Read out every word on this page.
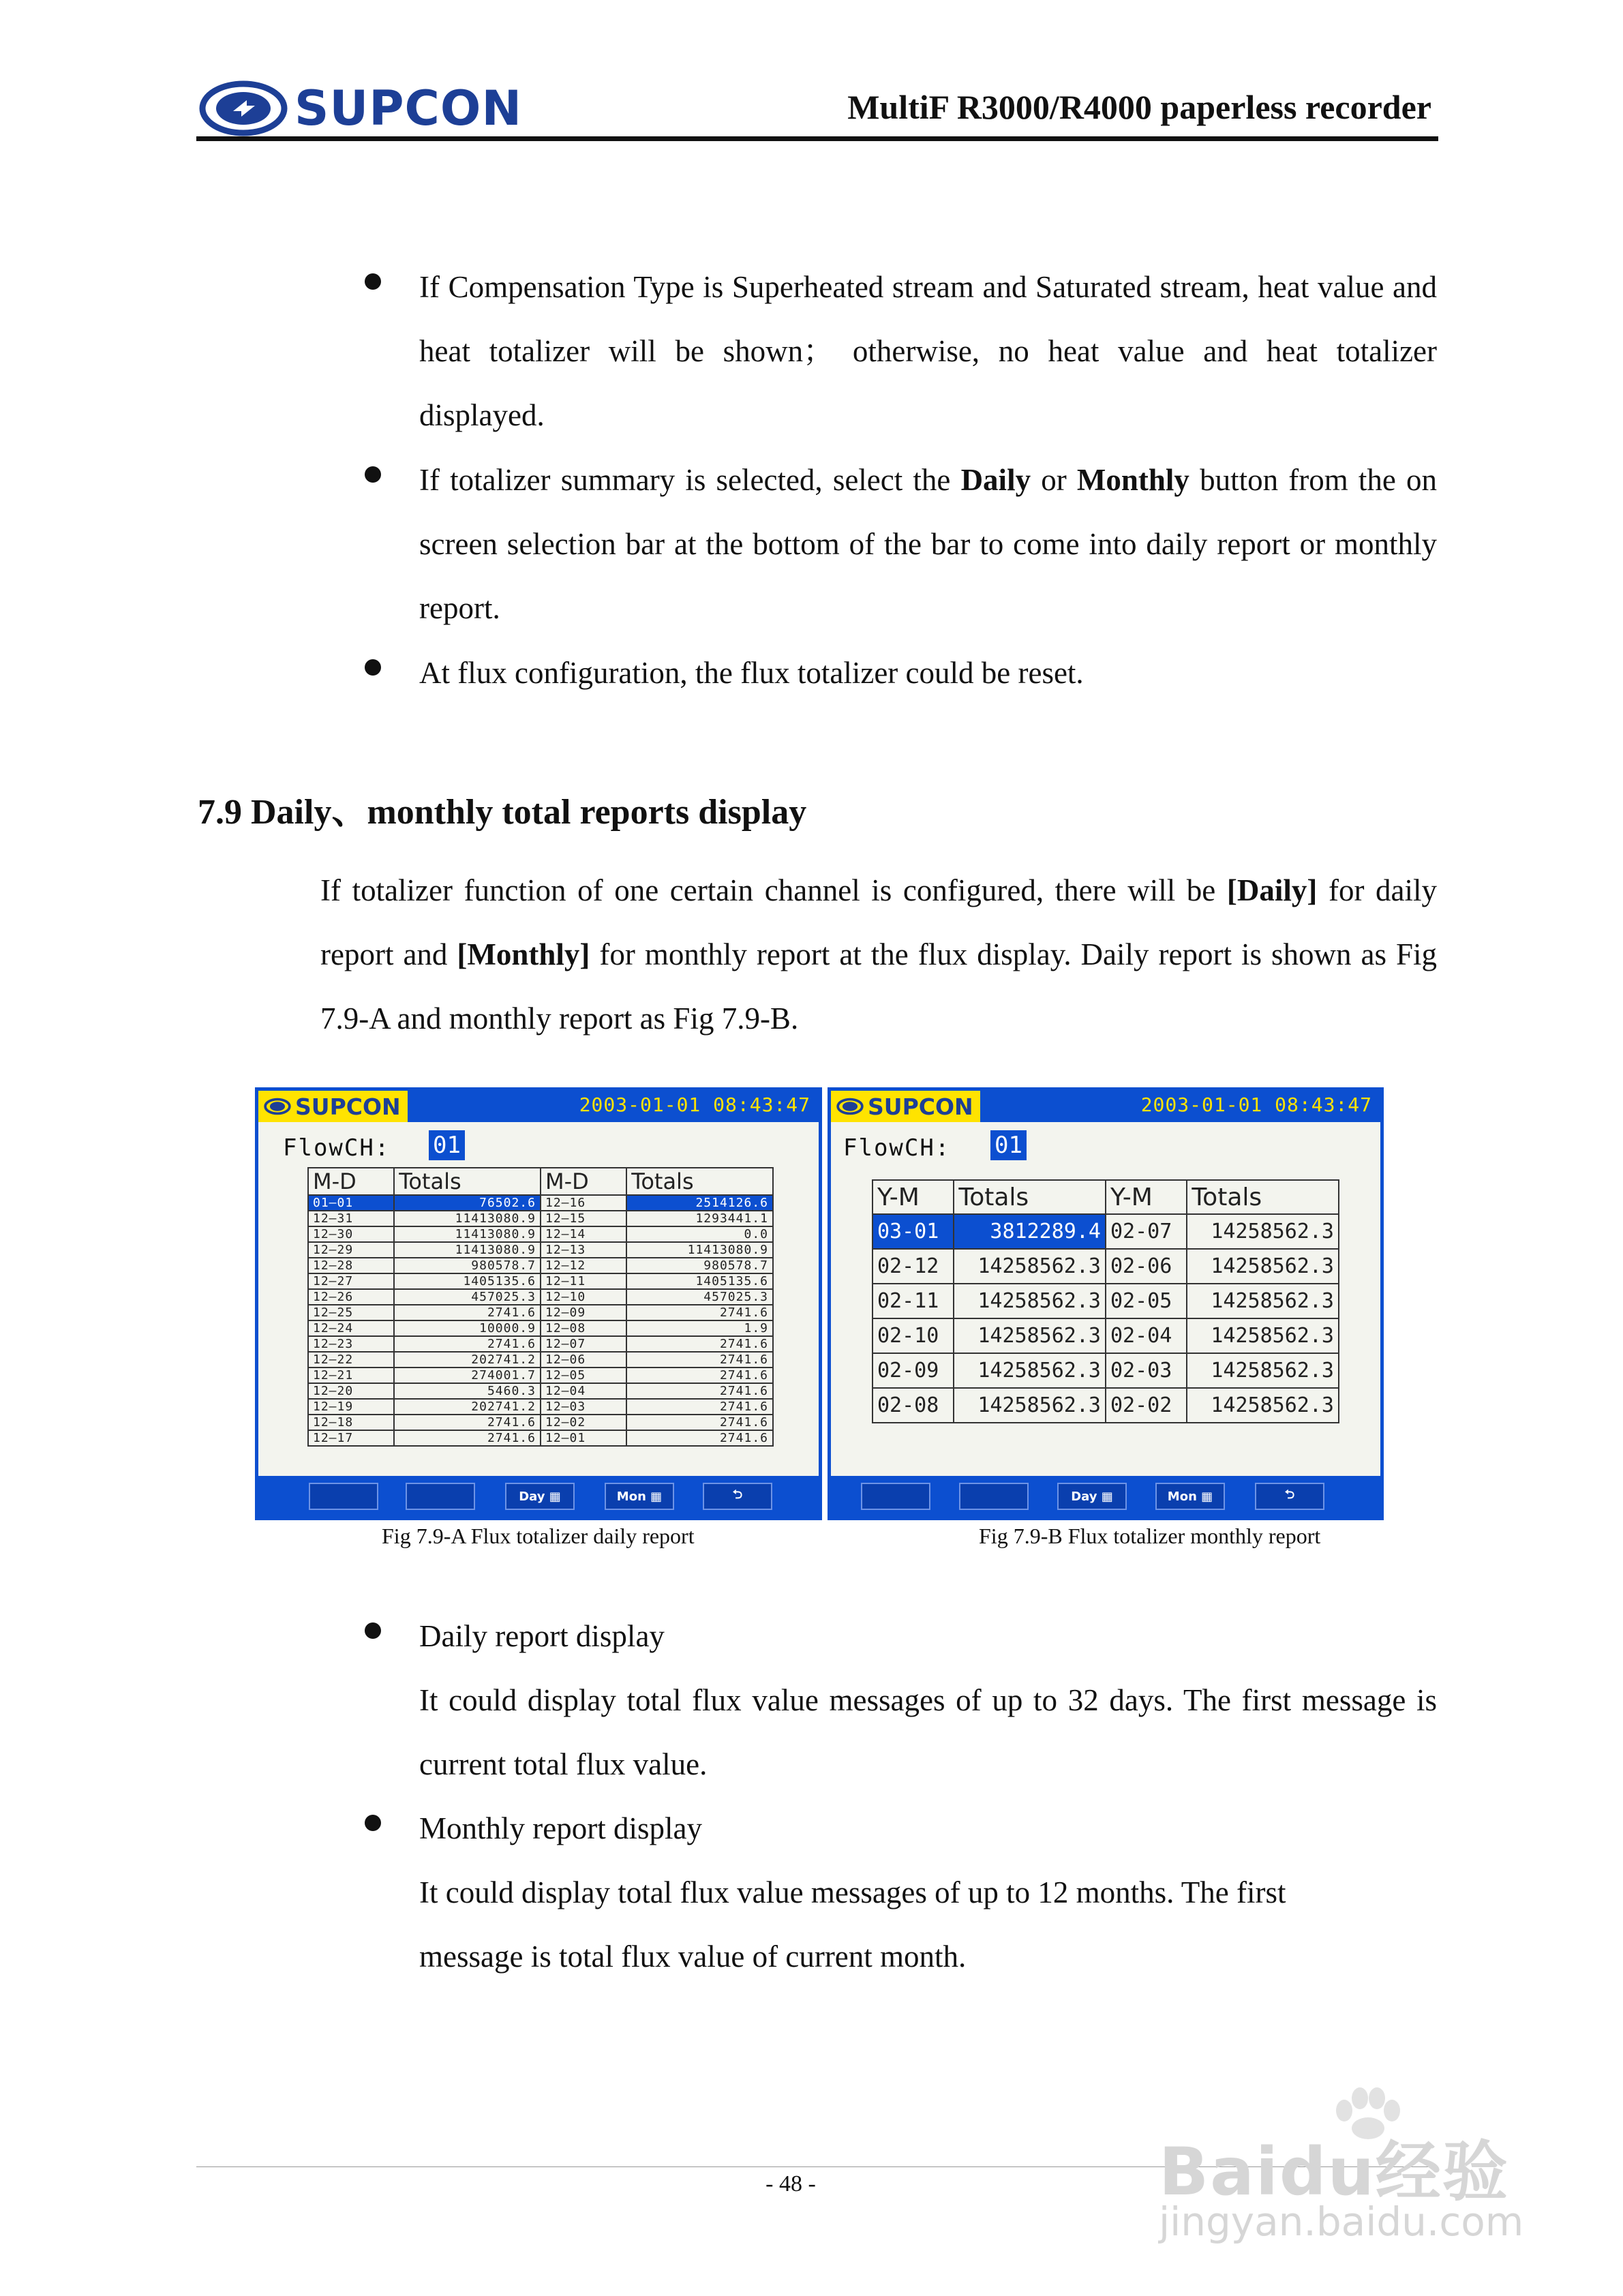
SUPCON	MultiF R3000/R4000 paperless recorder
If Compensation Type is Superheated stream and Saturated stream, heat value and heat totalizer will be shown； otherwise, no heat value and heat totalizer displayed.
If totalizer summary is selected, select the Daily or Monthly button from the on screen selection bar at the bottom of the bar to come into daily report or monthly report.
At flux configuration, the flux totalizer could be reset.
7.9 Daily、monthly total reports display
If totalizer function of one certain channel is configured, there will be [Daily] for daily report and [Monthly] for monthly report at the flux display. Daily report is shown as Fig 7.9-A and monthly report as Fig 7.9-B.
SUPCON	2003-01-01 08:43:47
FlowCH: 01
M-D	Totals	M-D	Totals
01—01	76502.6	12—16	2514126.6
12—31	11413080.9	12—15	1293441.1
12—30	11413080.9	12—14	0.0
12—29	11413080.9	12—13	11413080.9
12—28	980578.7	12—12	980578.7
12—27	1405135.6	12—11	1405135.6
12—26	457025.3	12—10	457025.3
12—25	2741.6	12—09	2741.6
12—24	10000.9	12—08	1.9
12—23	2741.6	12—07	2741.6
12—22	202741.2	12—06	2741.6
12—21	274001.7	12—05	2741.6
12—20	5460.3	12—04	2741.6
12—19	202741.2	12—03	2741.6
12—18	2741.6	12—02	2741.6
12—17	2741.6	12—01	2741.6
Day
▦	Mon
▦	⮌
SUPCON	2003-01-01 08:43:47
FlowCH: 01
Y-M	Totals	Y-M	Totals
03-01	3812289.4	02-07	14258562.3
02-12	14258562.3	02-06	14258562.3
02-11	14258562.3	02-05	14258562.3
02-10	14258562.3	02-04	14258562.3
02-09	14258562.3	02-03	14258562.3
02-08	14258562.3	02-02	14258562.3
Day
▦	Mon
▦	⮌
Fig 7.9-A Flux totalizer daily report	Fig 7.9-B Flux totalizer monthly report
Daily report display
It could display total flux value messages of up to 32 days. The first message is current total flux value.
Monthly report display
It could display total flux value messages of up to 12 months. The first message is total flux value of current month.
- 48 -	Baidu经验
jingyan.baidu.com
